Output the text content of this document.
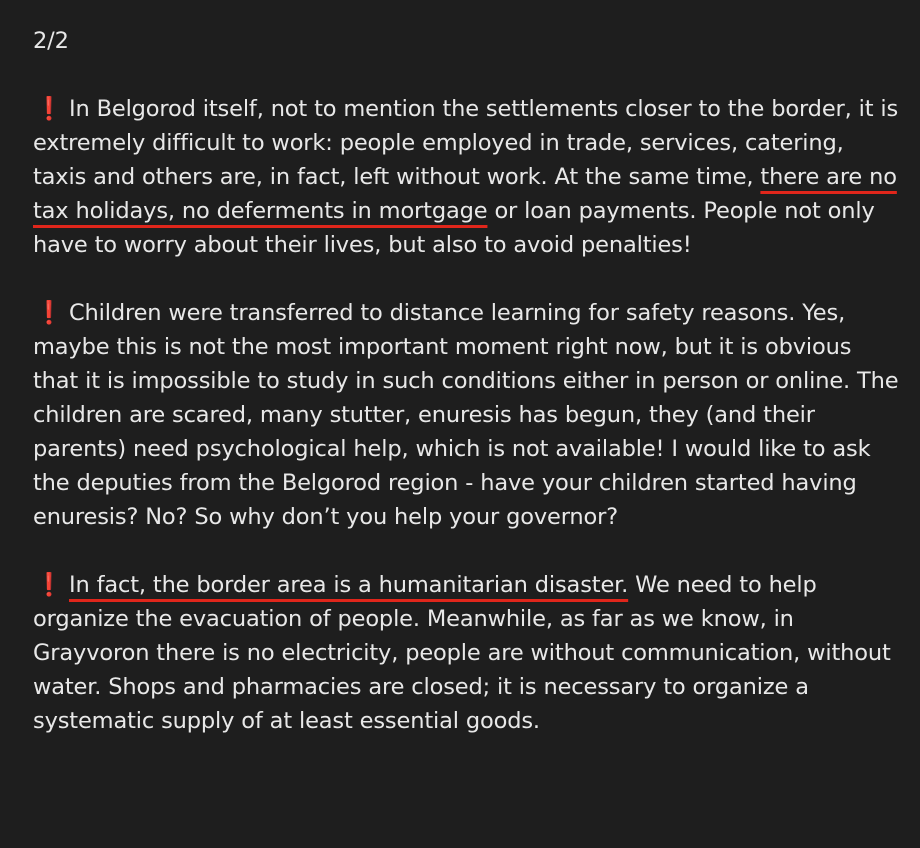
2/2

❗ In Belgorod itself, not to mention the settlements closer to the border, it is extremely difficult to work: people employed in trade, services, catering, taxis and others are, in fact, left without work. At the same time, there are no tax holidays, no deferments in mortgage or loan payments. People not only have to worry about their lives, but also to avoid penalties!

❗ Children were transferred to distance learning for safety reasons. Yes, maybe this is not the most important moment right now, but it is obvious that it is impossible to study in such conditions either in person or online. The children are scared, many stutter, enuresis has begun, they (and their parents) need psychological help, which is not available! I would like to ask the deputies from the Belgorod region - have your children started having enuresis? No? So why don’t you help your governor?

❗ In fact, the border area is a humanitarian disaster. We need to help organize the evacuation of people. Meanwhile, as far as we know, in Grayvoron there is no electricity, people are without communication, without water. Shops and pharmacies are closed; it is necessary to organize a systematic supply of at least essential goods.
